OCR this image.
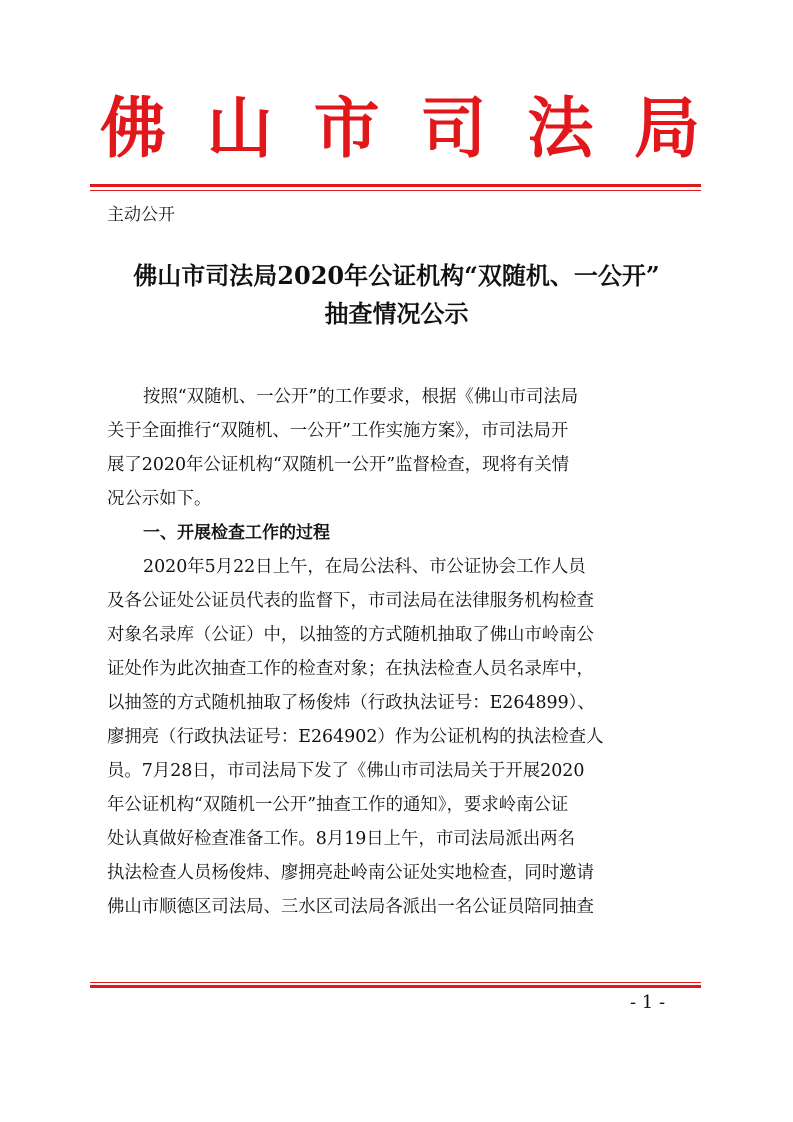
佛 山 市 司 法 局
主动公开
佛山市司法局2020年公证机构“双随机、一公开”
抽查情况公示
按照“双随机、一公开”的工作要求，根据《佛山市司法局
关于全面推行“双随机、一公开”工作实施方案》，市司法局开
展了2020年公证机构“双随机一公开”监督检查，现将有关情
况公示如下。
一、开展检查工作的过程
2020年5月22日上午，在局公法科、市公证协会工作人员
及各公证处公证员代表的监督下，市司法局在法律服务机构检查
对象名录库（公证）中，以抽签的方式随机抽取了佛山市岭南公
证处作为此次抽查工作的检查对象；在执法检查人员名录库中，
以抽签的方式随机抽取了杨俊炜（行政执法证号：E264899）、
廖拥亮（行政执法证号：E264902）作为公证机构的执法检查人
员。7月28日，市司法局下发了《佛山市司法局关于开展2020
年公证机构“双随机一公开”抽查工作的通知》，要求岭南公证
处认真做好检查准备工作。8月19日上午，市司法局派出两名
执法检查人员杨俊炜、廖拥亮赴岭南公证处实地检查，同时邀请
佛山市顺德区司法局、三水区司法局各派出一名公证员陪同抽查
- 1 -
